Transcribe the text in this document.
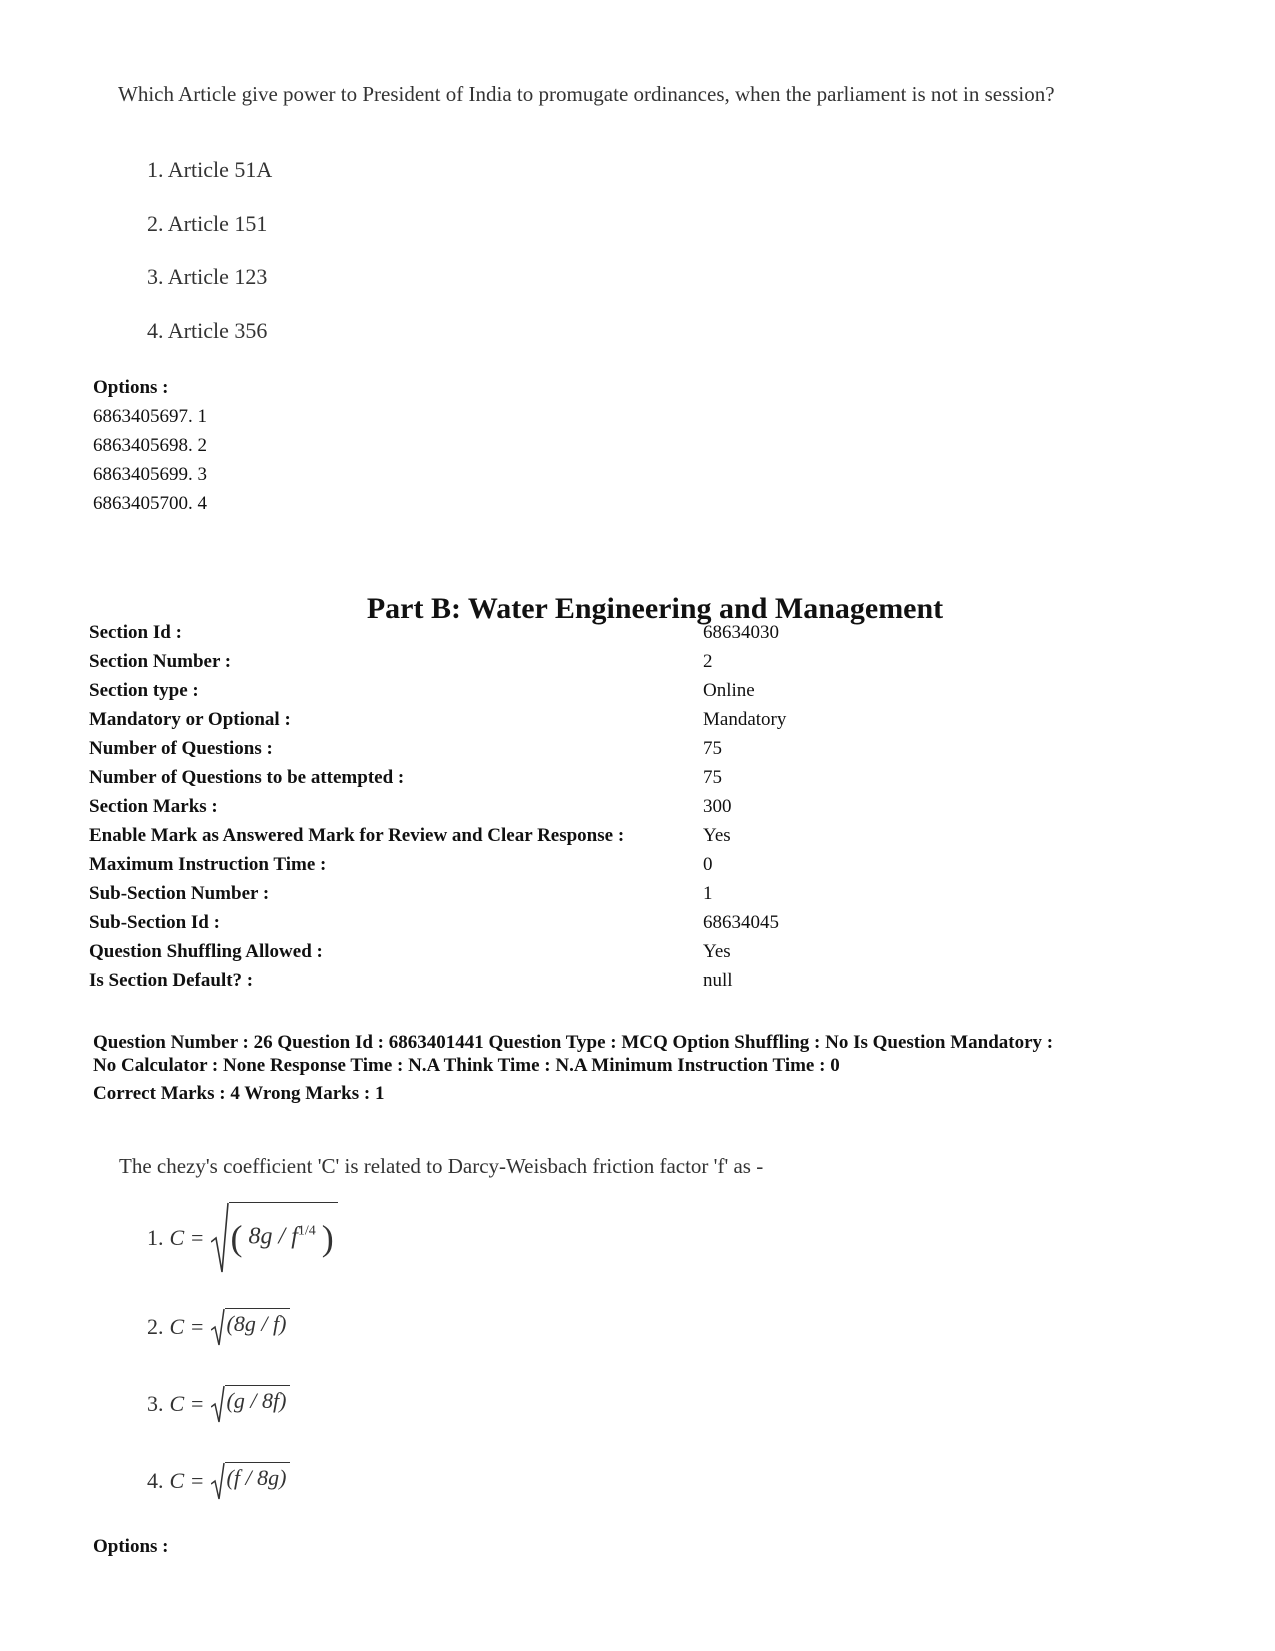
Which Article give power to President of India to promugate ordinances, when the parliament is not in session?
1. Article 51A
2. Article 151
3. Article 123
4. Article 356
Options :
6863405697. 1
6863405698. 2
6863405699. 3
6863405700. 4
Part B: Water Engineering and Management
Section Id :	68634030
Section Number :	2
Section type :	Online
Mandatory or Optional :	Mandatory
Number of Questions :	75
Number of Questions to be attempted :	75
Section Marks :	300
Enable Mark as Answered Mark for Review and Clear Response :	Yes
Maximum Instruction Time :	0
Sub-Section Number :	1
Sub-Section Id :	68634045
Question Shuffling Allowed :	Yes
Is Section Default? :	null
Question Number : 26 Question Id : 6863401441 Question Type : MCQ Option Shuffling : No Is Question Mandatory :
No Calculator : None Response Time : N.A Think Time : N.A Minimum Instruction Time : 0
Correct Marks : 4 Wrong Marks : 1
The chezy's coefficient 'C' is related to Darcy-Weisbach friction factor 'f' as -
1. C = ( $8g / f^{1/4}$ )
2. C = (8g / f)
3. C = (g / 8f)
4. C = (f / 8g)
Options :
